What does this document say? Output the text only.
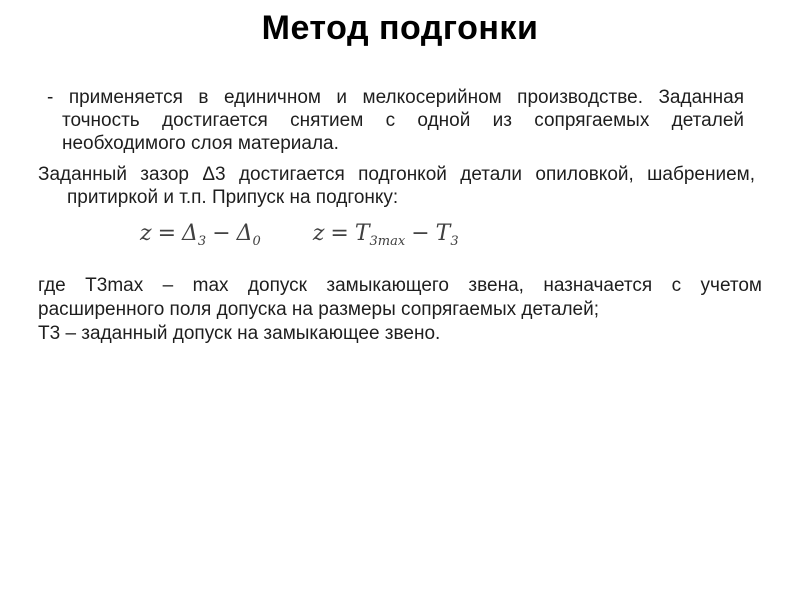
Метод подгонки
- применяется в единичном и мелкосерийном производстве. Заданная
точность достигается снятием с одной из сопрягаемых деталей
необходимого слоя материала.
Заданный зазор Δ3 достигается подгонкой детали опиловкой, шабрением,
притиркой и т.п. Припуск на подгонку:
$z = \Delta_3 - \Delta_0$ $z = T_{3max} - T_3$
где Т3max – max допуск замыкающего звена, назначается с учетом
расширенного поля допуска на размеры сопрягаемых деталей;
Т3 – заданный допуск на замыкающее звено.
